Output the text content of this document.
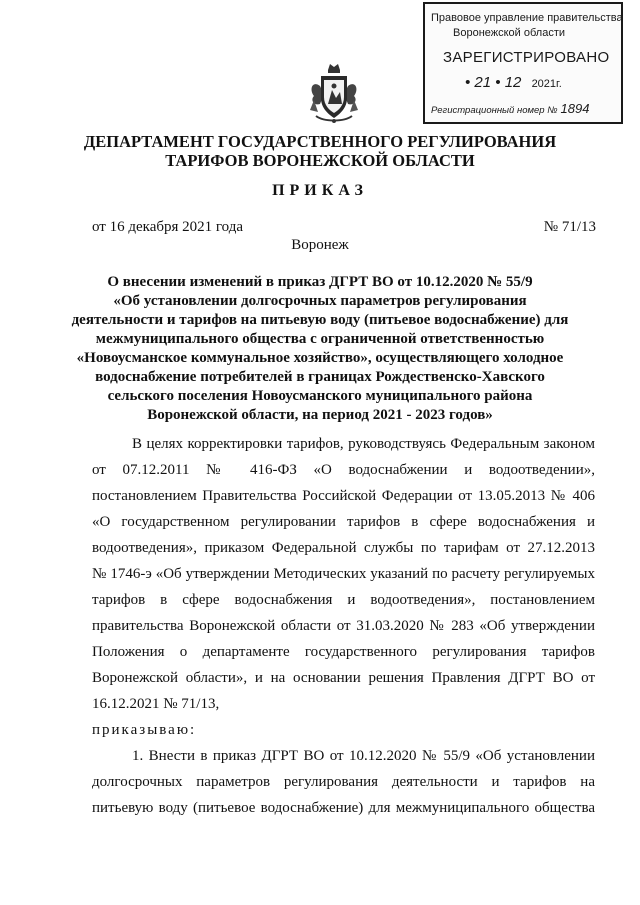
Правовое управление правительства
Воронежской области
ЗАРЕГИСТРИРОВАНО
• 21 • 12 2021г.
Регистрационный номер № 1894
ДЕПАРТАМЕНТ ГОСУДАРСТВЕННОГО РЕГУЛИРОВАНИЯ
ТАРИФОВ ВОРОНЕЖСКОЙ ОБЛАСТИ
ПРИКАЗ
от 16 декабря 2021 года	№ 71/13
Воронеж
О внесении изменений в приказ ДГРТ ВО от 10.12.2020 № 55/9
«Об установлении долгосрочных параметров регулирования
деятельности и тарифов на питьевую воду (питьевое водоснабжение) для
межмуниципального общества с ограниченной ответственностью
«Новоусманское коммунальное хозяйство», осуществляющего холодное
водоснабжение потребителей в границах Рождественско-Хавского
сельского поселения Новоусманского муниципального района
Воронежской области, на период 2021 - 2023 годов»
В целях корректировки тарифов, руководствуясь Федеральным законом
от 07.12.2011 № 416-ФЗ «О водоснабжении и водоотведении»,
постановлением Правительства Российской Федерации от 13.05.2013 № 406
«О государственном регулировании тарифов в сфере водоснабжения и
водоотведения», приказом Федеральной службы по тарифам от 27.12.2013
№ 1746-э «Об утверждении Методических указаний по расчету регулируемых
тарифов в сфере водоснабжения и водоотведения», постановлением
правительства Воронежской области от 31.03.2020 № 283 «Об утверждении
Положения о департаменте государственного регулирования тарифов
Воронежской области», и на основании решения Правления ДГРТ ВО от
16.12.2021 № 71/13,
приказываю:
1. Внести в приказ ДГРТ ВО от 10.12.2020 № 55/9 «Об установлении
долгосрочных параметров регулирования деятельности и тарифов на
питьевую воду (питьевое водоснабжение) для межмуниципального общества
